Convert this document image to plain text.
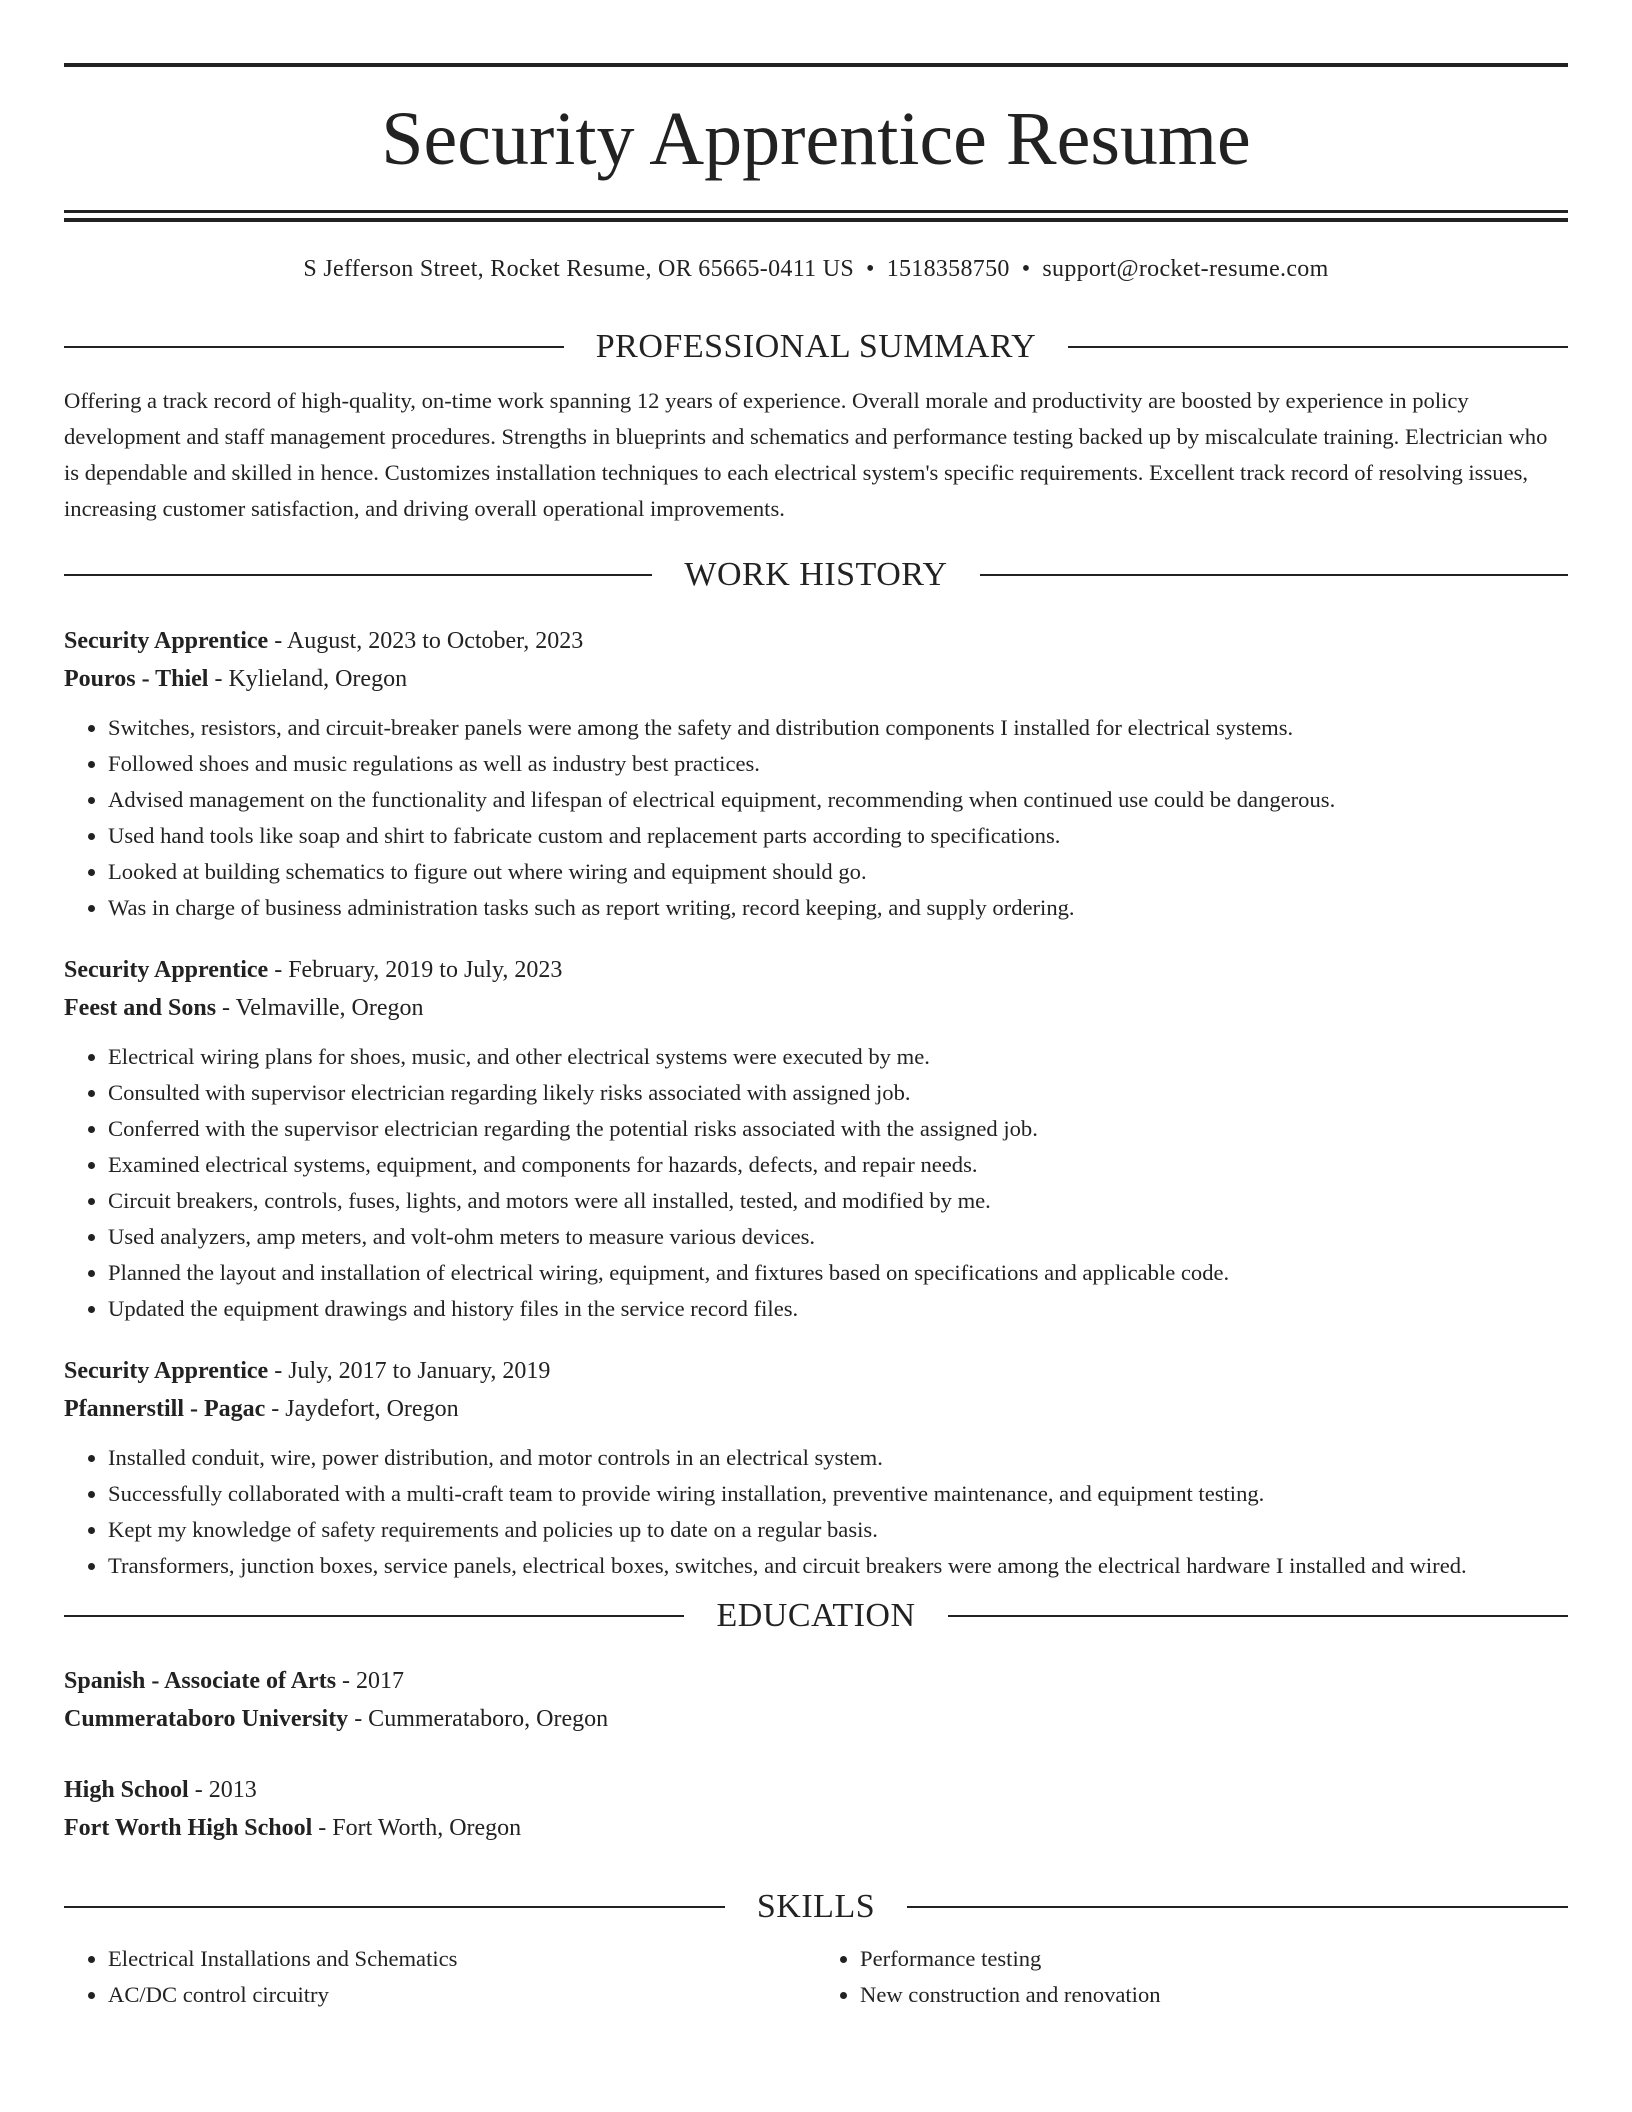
Security Apprentice Resume
S Jefferson Street, Rocket Resume, OR 65665-0411 US • 1518358750 • support@rocket-resume.com
PROFESSIONAL SUMMARY
Offering a track record of high-quality, on-time work spanning 12 years of experience. Overall morale and productivity are boosted by experience in policy development and staff management procedures. Strengths in blueprints and schematics and performance testing backed up by miscalculate training. Electrician who is dependable and skilled in hence. Customizes installation techniques to each electrical system's specific requirements. Excellent track record of resolving issues, increasing customer satisfaction, and driving overall operational improvements.
WORK HISTORY
Security Apprentice - August, 2023 to October, 2023
Pouros - Thiel - Kylieland, Oregon
• Switches, resistors, and circuit-breaker panels were among the safety and distribution components I installed for electrical systems.
• Followed shoes and music regulations as well as industry best practices.
• Advised management on the functionality and lifespan of electrical equipment, recommending when continued use could be dangerous.
• Used hand tools like soap and shirt to fabricate custom and replacement parts according to specifications.
• Looked at building schematics to figure out where wiring and equipment should go.
• Was in charge of business administration tasks such as report writing, record keeping, and supply ordering.
Security Apprentice - February, 2019 to July, 2023
Feest and Sons - Velmaville, Oregon
• Electrical wiring plans for shoes, music, and other electrical systems were executed by me.
• Consulted with supervisor electrician regarding likely risks associated with assigned job.
• Conferred with the supervisor electrician regarding the potential risks associated with the assigned job.
• Examined electrical systems, equipment, and components for hazards, defects, and repair needs.
• Circuit breakers, controls, fuses, lights, and motors were all installed, tested, and modified by me.
• Used analyzers, amp meters, and volt-ohm meters to measure various devices.
• Planned the layout and installation of electrical wiring, equipment, and fixtures based on specifications and applicable code.
• Updated the equipment drawings and history files in the service record files.
Security Apprentice - July, 2017 to January, 2019
Pfannerstill - Pagac - Jaydefort, Oregon
• Installed conduit, wire, power distribution, and motor controls in an electrical system.
• Successfully collaborated with a multi-craft team to provide wiring installation, preventive maintenance, and equipment testing.
• Kept my knowledge of safety requirements and policies up to date on a regular basis.
• Transformers, junction boxes, service panels, electrical boxes, switches, and circuit breakers were among the electrical hardware I installed and wired.
EDUCATION
Spanish - Associate of Arts - 2017
Cummerataboro University - Cummerataboro, Oregon
High School - 2013
Fort Worth High School - Fort Worth, Oregon
SKILLS
• Electrical Installations and Schematics
• AC/DC control circuitry
• Performance testing
• New construction and renovation
